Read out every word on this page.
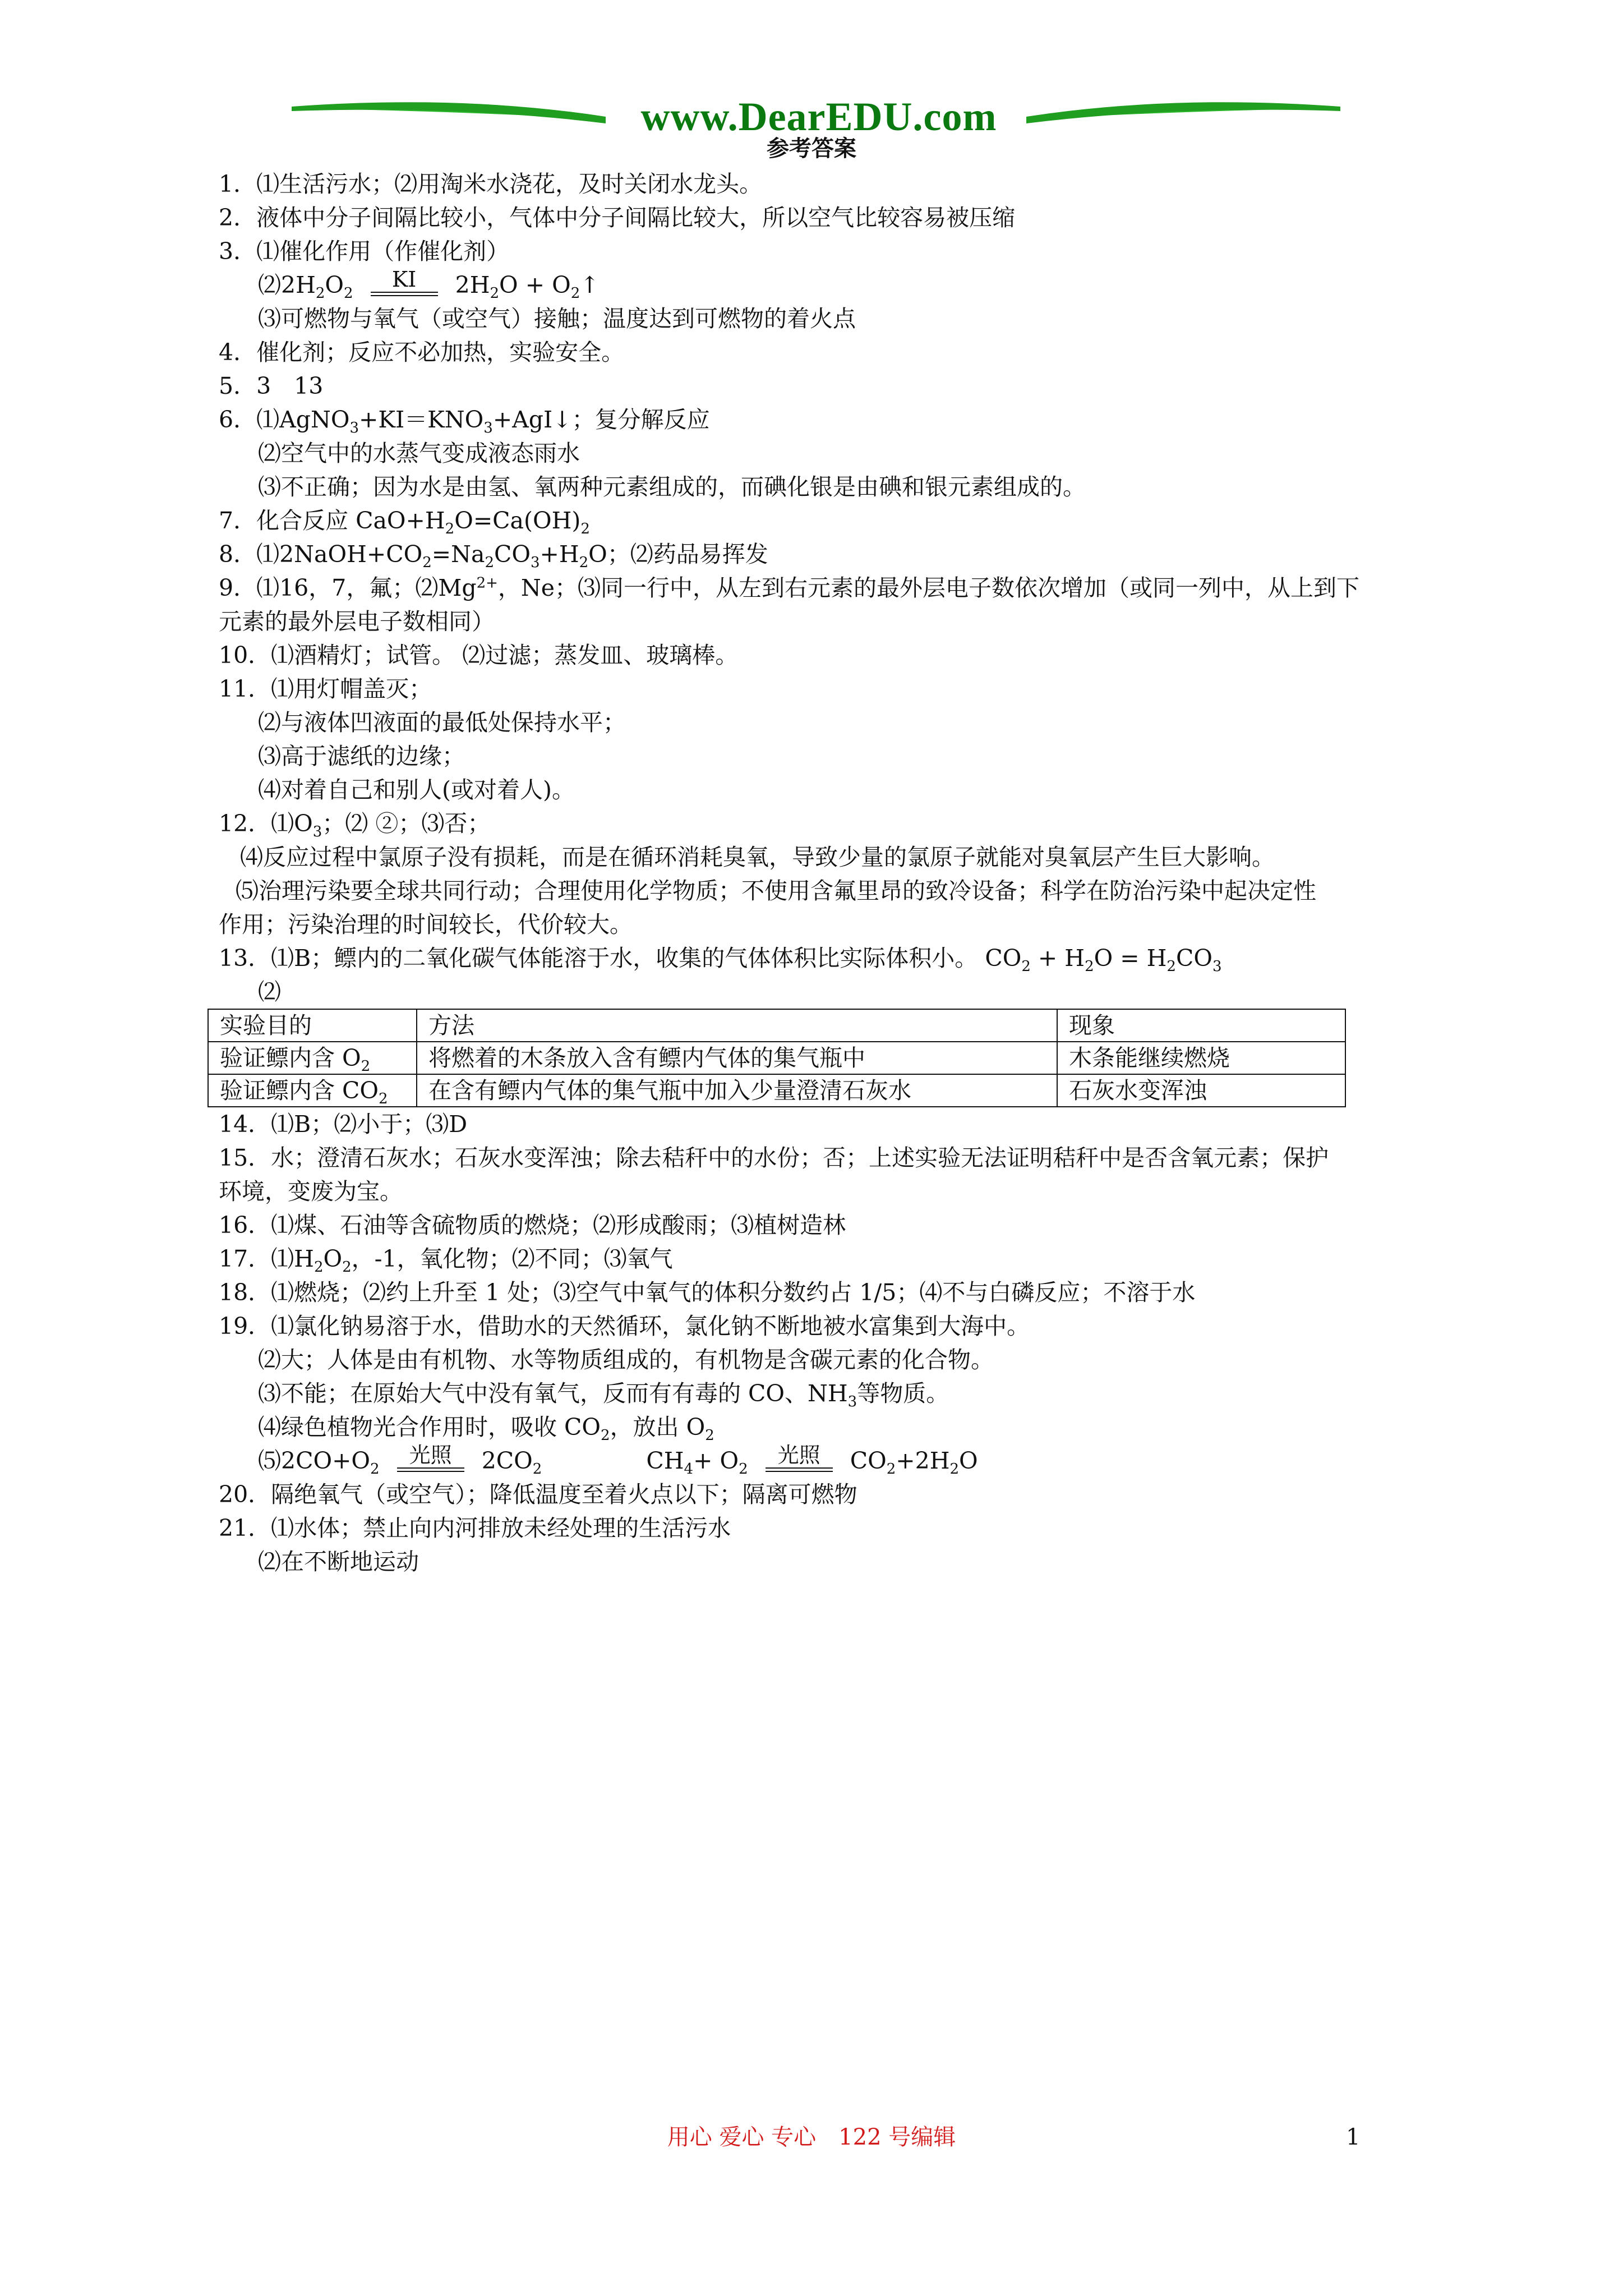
www.DearEDU.com
参考答案
1．⑴生活污水；⑵用淘米水浇花，及时关闭水龙头。
2．液体中分子间隔比较小，气体中分子间隔比较大，所以空气比较容易被压缩
3．⑴催化作用（作催化剂）
$⑵2H_2O_2$
KI	$2H_2O$ + $O_2↑$
⑶可燃物与氧气（或空气）接触；温度达到可燃物的着火点
4．催化剂；反应不必加热，实验安全。
5．3　13
6．$⑴AgNO_3+KI=KNO_3+AgI↓$；复分解反应
⑵空气中的水蒸气变成液态雨水
⑶不正确；因为水是由氢、氧两种元素组成的，而碘化银是由碘和银元素组成的。
7．化合反应 $CaO+H_2O=Ca(OH)_2$
8．$⑴2NaOH+CO_2=Na_2CO_3+H_2O$；⑵药品易挥发
9．⑴16，7，氟；$⑵Mg^{2+}$，Ne；⑶同一行中，从左到右元素的最外层电子数依次增加（或同一列中，从上到下
元素的最外层电子数相同）
10．⑴酒精灯；试管。 ⑵过滤；蒸发皿、玻璃棒。
11．⑴用灯帽盖灭；
⑵与液体凹液面的最低处保持水平；
⑶高于滤纸的边缘；
⑷对着自己和别人(或对着人)。
12．$⑴O_3$；⑵ ②；⑶否；
⑷反应过程中氯原子没有损耗，而是在循环消耗臭氧，导致少量的氯原子就能对臭氧层产生巨大影响。
⑸治理污染要全球共同行动；合理使用化学物质；不使用含氟里昂的致冷设备；科学在防治污染中起决定性
作用；污染治理的时间较长，代价较大。
13．⑴B；鳔内的二氧化碳气体能溶于水，收集的气体体积比实际体积小。 $CO_2 + H_2O = H_2CO_3$
⑵
实验目的	方法	现象
验证鳔内含 $O_2$	将燃着的木条放入含有鳔内气体的集气瓶中	木条能继续燃烧
验证鳔内含 $CO_2$	在含有鳔内气体的集气瓶中加入少量澄清石灰水	石灰水变浑浊
14．⑴B；⑵小于；⑶D
15．水；澄清石灰水；石灰水变浑浊；除去秸秆中的水份；否；上述实验无法证明秸秆中是否含氧元素；保护
环境，变废为宝。
16．⑴煤、石油等含硫物质的燃烧；⑵形成酸雨；⑶植树造林
17．$⑴H_2O_2$，-1，氧化物；⑵不同；⑶氧气
18．⑴燃烧；⑵约上升至 1 处；⑶空气中氧气的体积分数约占 1/5；⑷不与白磷反应；不溶于水
19．⑴氯化钠易溶于水，借助水的天然循环，氯化钠不断地被水富集到大海中。
⑵大；人体是由有机物、水等物质组成的，有机物是含碳元素的化合物。
⑶不能；在原始大气中没有氧气，反而有有毒的 CO、$NH_3$等物质。
⑷绿色植物光合作用时，吸收 $CO_2$，放出 $O_2$
$⑸2CO+O_2$
光照	$2CO_2$	$CH_4+ O_2$
光照	$CO_2+2H_2O$
20．隔绝氧气（或空气）；降低温度至着火点以下；隔离可燃物
21．⑴水体；禁止向内河排放未经处理的生活污水
⑵在不断地运动
用心 爱心 专心　122 号编辑	1
